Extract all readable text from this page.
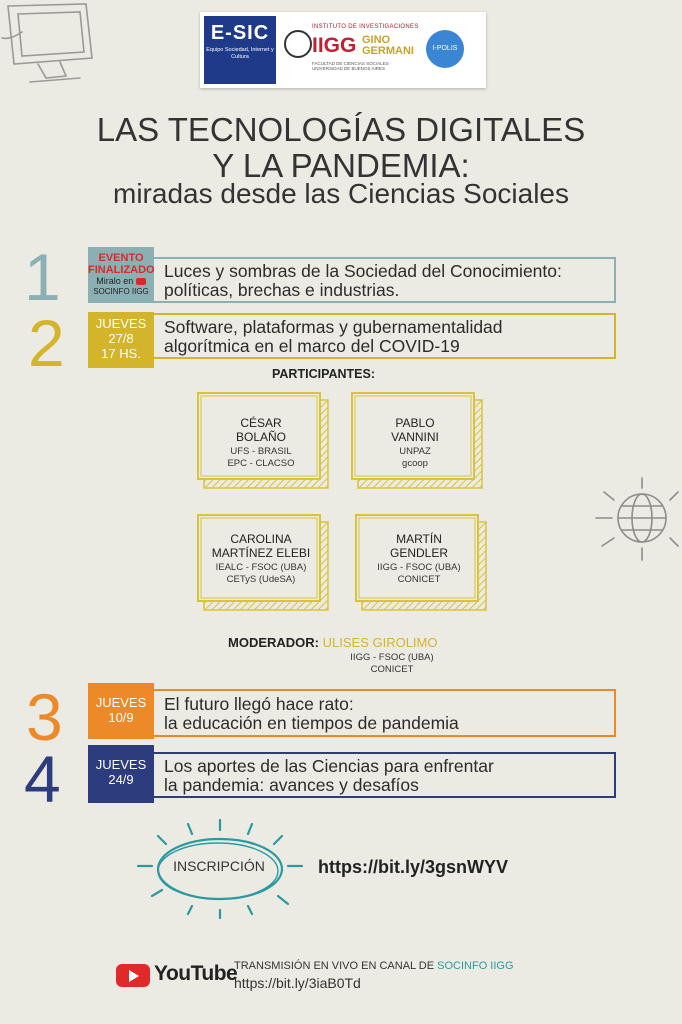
E-SIC
Equipo Sociedad, Internet y Cultura
INSTITUTO DE INVESTIGACIONES
IIGG GINO GERMANI
FACULTAD DE CIENCIAS SOCIALES · UNIVERSIDAD DE BUENOS AIRES
I-POLIS
LAS TECNOLOGÍAS DIGITALES
Y LA PANDEMIA:
miradas desde las Ciencias Sociales
1	EVENTO
FINALIZADO
Miralo en
SOCINFO IIGG
Luces y sombras de la Sociedad del Conocimiento:
políticas, brechas e industrias.
2	JUEVES
27/8
17 HS.
Software, plataformas y gubernamentalidad
algorítmica en el marco del COVID-19
PARTICIPANTES:
CÉSAR
BOLAÑO
UFS - BRASIL
EPC - CLACSO
PABLO
VANNINI
UNPAZ
gcoop
CAROLINA
MARTÍNEZ ELEBI
IEALC - FSOC (UBA)
CETyS (UdeSA)
MARTÍN
GENDLER
IIGG - FSOC (UBA)
CONICET
MODERADOR: ULISES GIROLIMO
IIGG - FSOC (UBA)
CONICET
3	JUEVES
10/9
El futuro llegó hace rato:
la educación en tiempos de pandemia
4	JUEVES
24/9
Los aportes de las Ciencias para enfrentar
la pandemia: avances y desafíos
INSCRIPCIÓN	https://bit.ly/3gsnWYV
YouTube
TRANSMISIÓN EN VIVO EN CANAL DE SOCINFO IIGG
https://bit.ly/3iaB0Td
